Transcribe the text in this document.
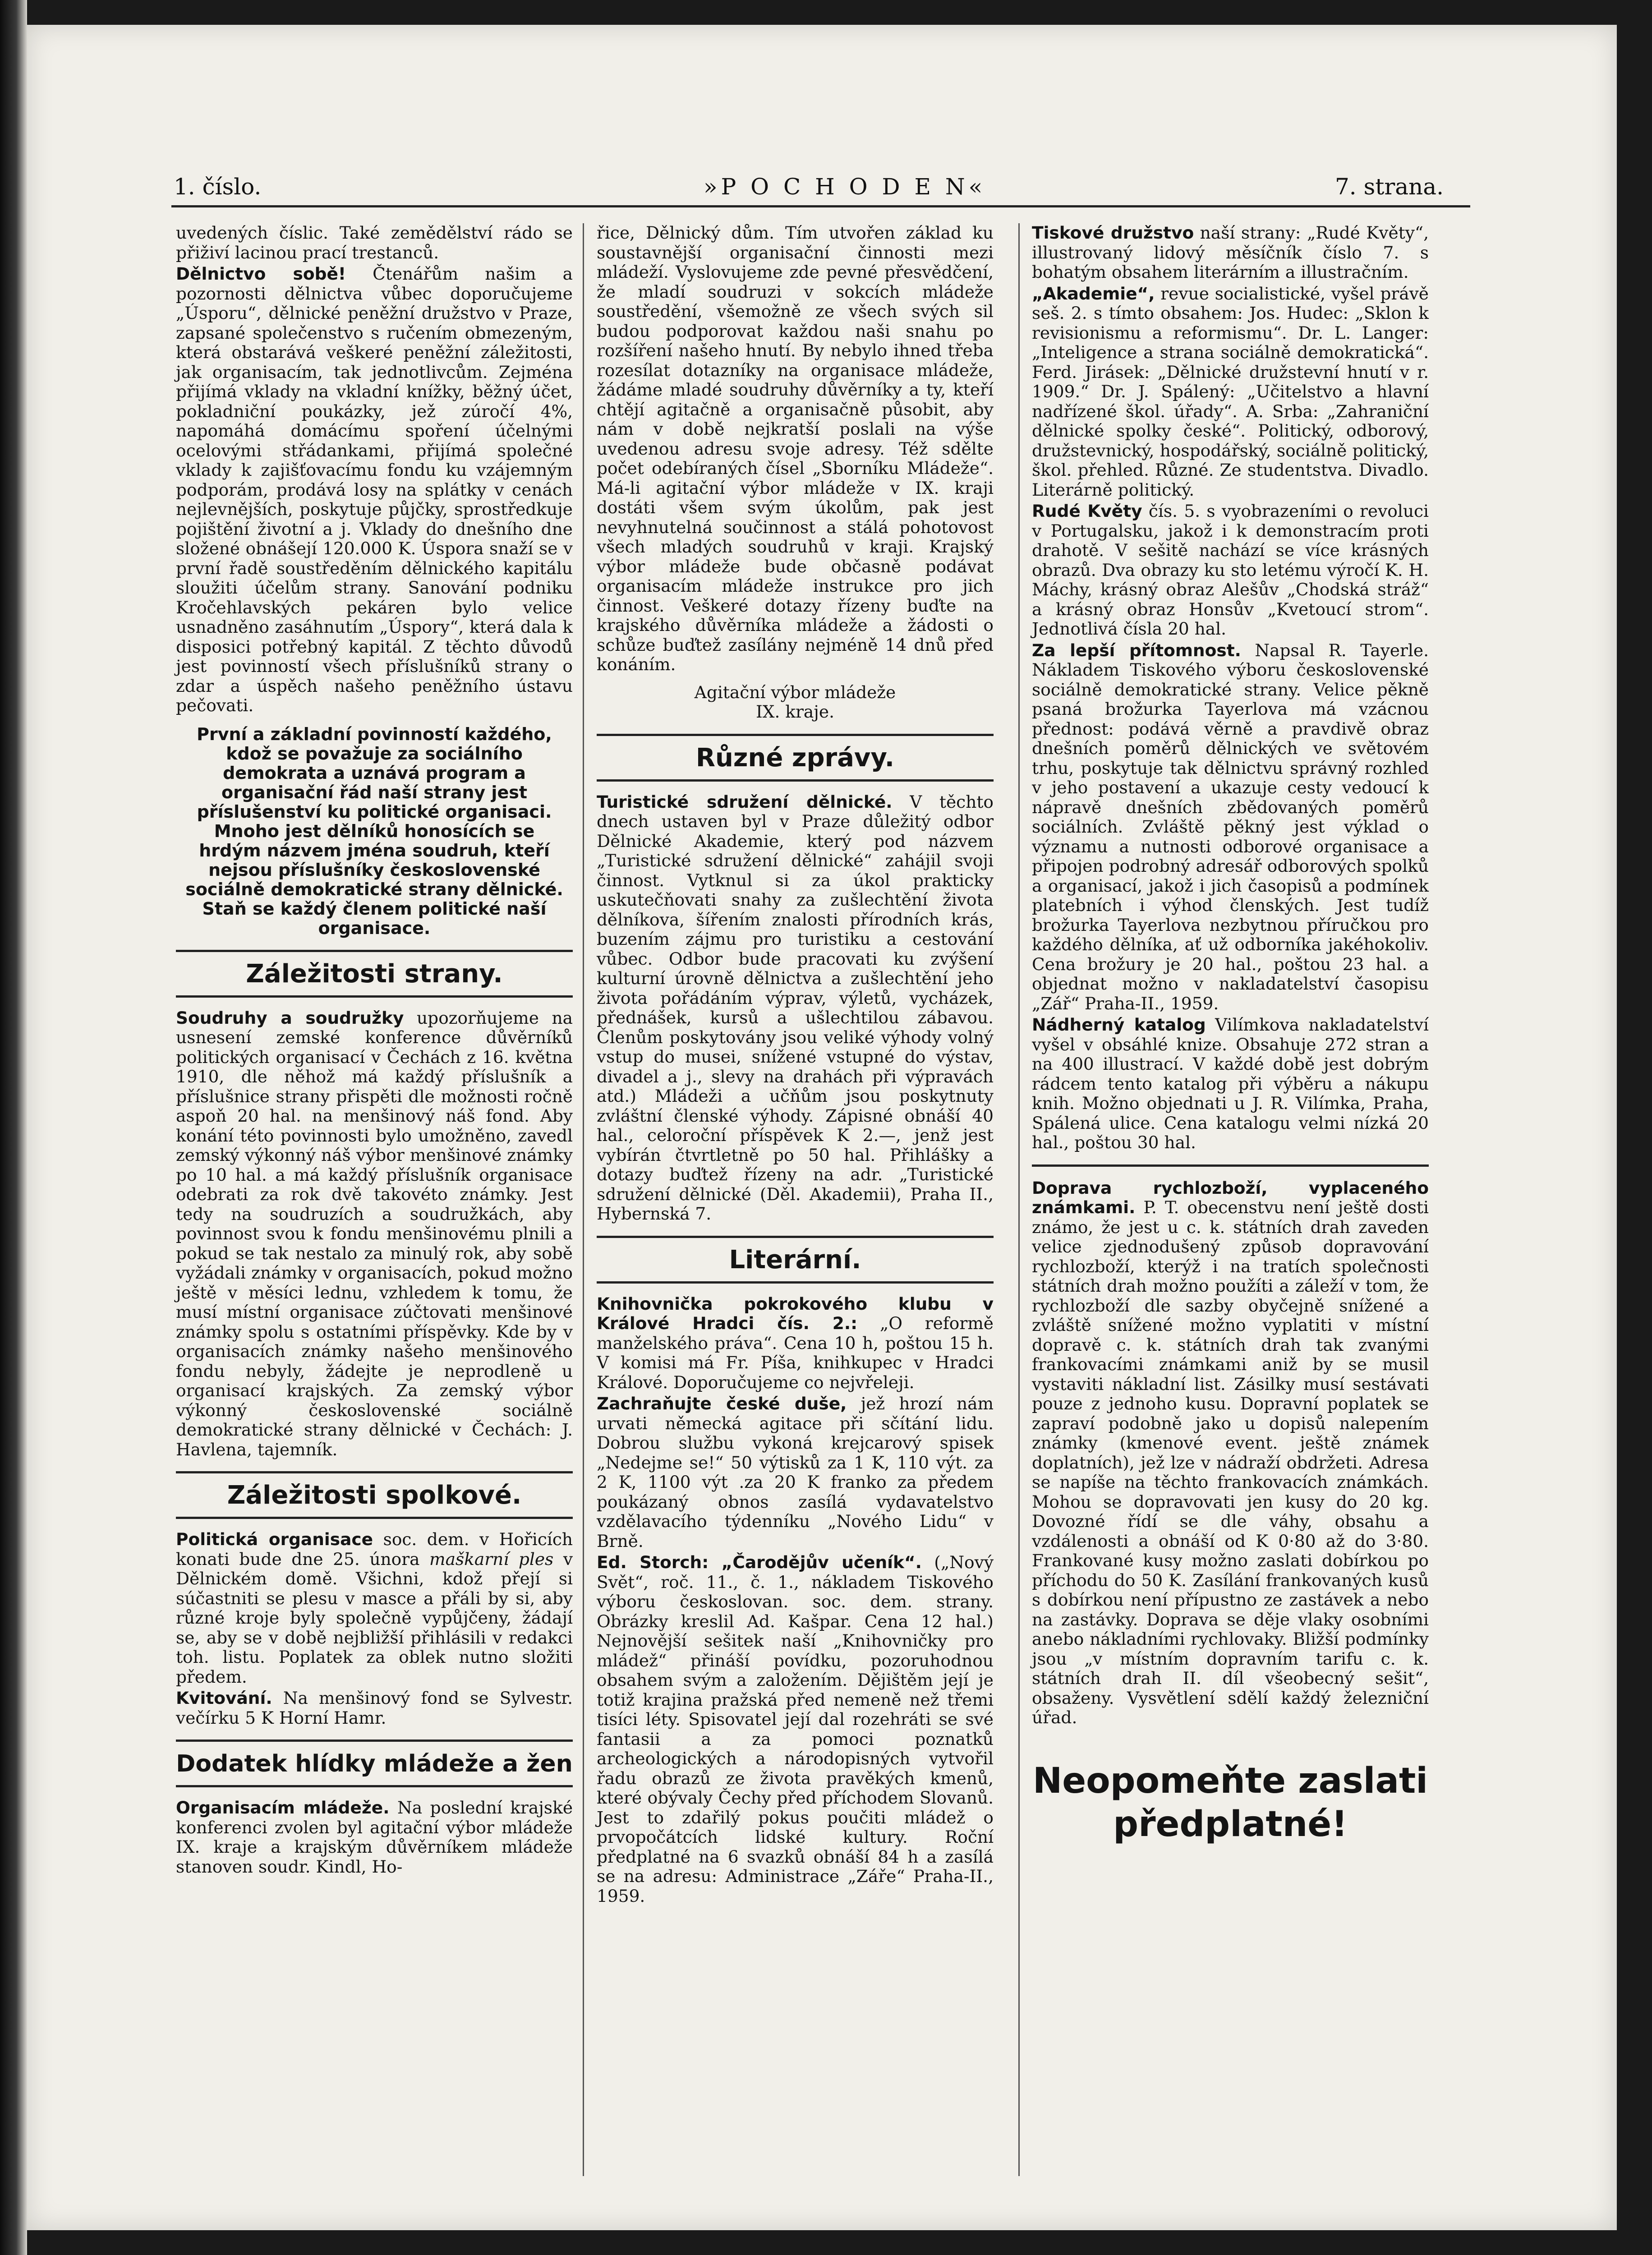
1. číslo.	»P O C H O D E N«	7. strana.

uvedených číslic. Také zemědělství rádo se přiživí lacinou prací trestanců.

Dělnictvo sobě! Čtenářům našim a pozornosti dělnictva vůbec doporučujeme „Úsporu“, dělnické peněžní družstvo v Praze, zapsané společenstvo s ručením obmezeným, která obstarává veškeré peněžní záležitosti, jak organisacím, tak jednotlivcům. Zejména přijímá vklady na vkladní knížky, běžný účet, pokladniční poukázky, jež zúročí 4%, napomáhá domácímu spoření účelnými ocelovými střádankami, přijímá společné vklady k zajišťovacímu fondu ku vzájemným podporám, prodává losy na splátky v cenách nejlevnějších, poskytuje půjčky, sprostředkuje pojištění životní a j. Vklady do dnešního dne složené obnášejí 120.000 K. Úspora snaží se v první řadě soustředěním dělnického kapitálu sloužiti účelům strany. Sanování podniku Kročehlavských pekáren bylo velice usnadněno zasáhnutím „Úspory“, která dala k disposici potřebný kapitál. Z těchto důvodů jest povinností všech příslušníků strany o zdar a úspěch našeho peněžního ústavu pečovati.

První a základní povinností každého, kdož se považuje za sociálního demokrata a uznává program a organisační řád naší strany jest příslušenství ku politické organisaci. Mnoho jest dělníků honosících se hrdým názvem jména soudruh, kteří nejsou příslušníky československé sociálně demokratické strany dělnické. Staň se každý členem politické naší organisace.
Záležitosti strany.

Soudruhy a soudružky upozorňujeme na usnesení zemské konference důvěrníků politických organisací v Čechách z 16. května 1910, dle něhož má každý příslušník a příslušnice strany přispěti dle možnosti ročně aspoň 20 hal. na menšinový náš fond. Aby konání této povinnosti bylo umožněno, zavedl zemský výkonný náš výbor menšinové známky po 10 hal. a má každý příslušník organisace odebrati za rok dvě takovéto známky. Jest tedy na soudruzích a soudružkách, aby povinnost svou k fondu menšinovému plnili a pokud se tak nestalo za minulý rok, aby sobě vyžádali známky v organisacích, pokud možno ještě v měsíci lednu, vzhledem k tomu, že musí místní organisace zúčtovati menšinové známky spolu s ostatními příspěvky. Kde by v organisacích známky našeho menšinového fondu nebyly, žádejte je neprodleně u organisací krajských. Za zemský výbor výkonný československé sociálně demokratické strany dělnické v Čechách: J. Havlena, tajemník.

Záležitosti spolkové.

Politická organisace soc. dem. v Hořicích konati bude dne 25. února maškarní ples v Dělnickém domě. Všichni, kdož přejí si súčastniti se plesu v masce a přáli by si, aby různé kroje byly společně vypůjčeny, žádají se, aby se v době nejbližší přihlásili v redakci toh. listu. Poplatek za oblek nutno složiti předem.

Kvitování. Na menšinový fond se Sylvestr. večírku 5 K Horní Hamr.

Dodatek hlídky mládeže a žen

Organisacím mládeže. Na poslední krajské konferenci zvolen byl agitační výbor mládeže IX. kraje a krajským důvěrníkem mládeže stanoven soudr. Kindl, Ho-

řice, Dělnický dům. Tím utvořen základ ku soustavnější organisační činnosti mezi mládeží. Vyslovujeme zde pevné přesvědčení, že mladí soudruzi v sokcích mládeže soustředění, všemožně ze všech svých sil budou podporovat každou naši snahu po rozšíření našeho hnutí. By nebylo ihned třeba rozesílat dotazníky na organisace mládeže, žádáme mladé soudruhy důvěrníky a ty, kteří chtějí agitačně a organisačně působit, aby nám v době nejkratší poslali na výše uvedenou adresu svoje adresy. Též sdělte počet odebíraných čísel „Sborníku Mládeže“. Má-li agitační výbor mládeže v IX. kraji dostáti všem svým úkolům, pak jest nevyhnutelná součinnost a stálá pohotovost všech mladých soudruhů v kraji. Krajský výbor mládeže bude občasně podávat organisacím mládeže instrukce pro jich činnost. Veškeré dotazy řízeny buďte na krajského důvěrníka mládeže a žádosti o schůze buďtež zasílány nejméně 14 dnů před konáním.

Agitační výbor mládeže

IX. kraje.

Různé zprávy.

Turistické sdružení dělnické. V těchto dnech ustaven byl v Praze důležitý odbor Dělnické Akademie, který pod názvem „Turistické sdružení dělnické“ zahájil svoji činnost. Vytknul si za úkol prakticky uskutečňovati snahy za zušlechtění života dělníkova, šířením znalosti přírodních krás, buzením zájmu pro turistiku a cestování vůbec. Odbor bude pracovati ku zvýšení kulturní úrovně dělnictva a zušlechtění jeho života pořádáním výprav, výletů, vycházek, přednášek, kursů a ušlechtilou zábavou. Členům poskytovány jsou veliké výhody volný vstup do musei, snížené vstupné do výstav, divadel a j., slevy na drahách při výpravách atd.) Mládeži a učňům jsou poskytnuty zvláštní členské výhody. Zápisné obnáší 40 hal., celoroční příspěvek K 2.—, jenž jest vybírán čtvrtletně po 50 hal. Přihlášky a dotazy buďtež řízeny na adr. „Turistické sdružení dělnické (Děl. Akademii), Praha II., Hybernská 7.

Literární.

Knihovnička pokrokového klubu v Králové Hradci čís. 2.: „O reformě manželského práva“. Cena 10 h, poštou 15 h. V komisi má Fr. Píša, knihkupec v Hradci Králové. Doporučujeme co nejvřeleji.

Zachraňujte české duše, jež hrozí nám urvati německá agitace při sčítání lidu. Dobrou službu vykoná krejcarový spisek „Nedejme se!“ 50 výtisků za 1 K, 110 výt. za 2 K, 1100 výt .za 20 K franko za předem poukázaný obnos zasílá vydavatelstvo vzdělavacího týdenníku „Nového Lidu“ v Brně.

Ed. Storch: „Čarodějův učeník“. („Nový Svět“, roč. 11., č. 1., nákladem Tiskového výboru českoslovan. soc. dem. strany. Obrázky kreslil Ad. Kašpar. Cena 12 hal.) Nejnovější sešitek naší „Knihovničky pro mládež“ přináší povídku, pozoruhodnou obsahem svým a založením. Dějištěm její je totiž krajina pražská před nemeně než třemi tisíci léty. Spisovatel její dal rozehráti se své fantasii a za pomoci poznatků archeologických a národopisných vytvořil řadu obrazů ze života pravěkých kmenů, které obývaly Čechy před příchodem Slovanů. Jest to zdařilý pokus poučiti mládež o prvopočátcích lidské kultury. Roční předplatné na 6 svazků obnáší 84 h a zasílá se na adresu: Administrace „Záře“ Praha-II., 1959.

Tiskové družstvo naší strany: „Rudé Květy“, illustrovaný lidový měsíčník číslo 7. s bohatým obsahem literárním a illustračním.

„Akademie“, revue socialistické, vyšel právě seš. 2. s tímto obsahem: Jos. Hudec: „Sklon k revisionismu a reformismu“. Dr. L. Langer: „Inteligence a strana sociálně demokratická“. Ferd. Jirásek: „Dělnické družstevní hnutí v r. 1909.“ Dr. J. Spálený: „Učitelstvo a hlavní nadřízené škol. úřady“. A. Srba: „Zahraniční dělnické spolky české“. Politický, odborový, družstevnický, hospodářský, sociálně politický, škol. přehled. Různé. Ze studentstva. Divadlo. Literárně politický.

Rudé Květy čís. 5. s vyobrazeními o revoluci v Portugalsku, jakož i k demonstracím proti drahotě. V sešitě nachází se více krásných obrazů. Dva obrazy ku sto letému výročí K. H. Máchy, krásný obraz Alešův „Chodská stráž“ a krásný obraz Honsův „Kvetoucí strom“. Jednotlivá čísla 20 hal.

Za lepší přítomnost. Napsal R. Tayerle. Nákladem Tiskového výboru československé sociálně demokratické strany. Velice pěkně psaná brožurka Tayerlova má vzácnou přednost: podává věrně a pravdivě obraz dnešních poměrů dělnických ve světovém trhu, poskytuje tak dělnictvu správný rozhled v jeho postavení a ukazuje cesty vedoucí k nápravě dnešních zbědovaných poměrů sociálních. Zvláště pěkný jest výklad o významu a nutnosti odborové organisace a připojen podrobný adresář odborových spolků a organisací, jakož i jich časopisů a podmínek platebních i výhod členských. Jest tudíž brožurka Tayerlova nezbytnou příručkou pro každého dělníka, ať už odborníka jakéhokoliv. Cena brožury je 20 hal., poštou 23 hal. a objednat možno v nakladatelství časopisu „Zář“ Praha-II., 1959.

Nádherný katalog Vilímkova nakladatelství vyšel v obsáhlé knize. Obsahuje 272 stran a na 400 illustrací. V každé době jest dobrým rádcem tento katalog při výběru a nákupu knih. Možno objednati u J. R. Vilímka, Praha, Spálená ulice. Cena katalogu velmi nízká 20 hal., poštou 30 hal.

Doprava rychlozboží, vyplaceného známkami. P. T. obecenstvu není ještě dosti známo, že jest u c. k. státních drah zaveden velice zjednodušený způsob dopravování rychlozboží, kterýž i na tratích společnosti státních drah možno použíti a záleží v tom, že rychlozboží dle sazby obyčejně snížené a zvláště snížené možno vyplatiti v místní dopravě c. k. státních drah tak zvanými frankovacími známkami aniž by se musil vystaviti nákladní list. Zásilky musí sestávati pouze z jednoho kusu. Dopravní poplatek se zapraví podobně jako u dopisů nalepením známky (kmenové event. ještě známek doplatních), jež lze v nádraží obdržeti. Adresa se napíše na těchto frankovacích známkách. Mohou se dopravovati jen kusy do 20 kg. Dovozné řídí se dle váhy, obsahu a vzdálenosti a obnáší od K 0·80 až do 3·80. Frankované kusy možno zaslati dobírkou po příchodu do 50 K. Zasílání frankovaných kusů s dobírkou není přípustno ze zastávek a nebo na zastávky. Doprava se děje vlaky osobními anebo nákladními rychlovaky. Bližší podmínky jsou „v místním dopravním tarifu c. k. státních drah II. díl všeobecný sešit“, obsaženy. Vysvětlení sdělí každý železniční úřad.

Neopomeňte zaslati předplatné!
